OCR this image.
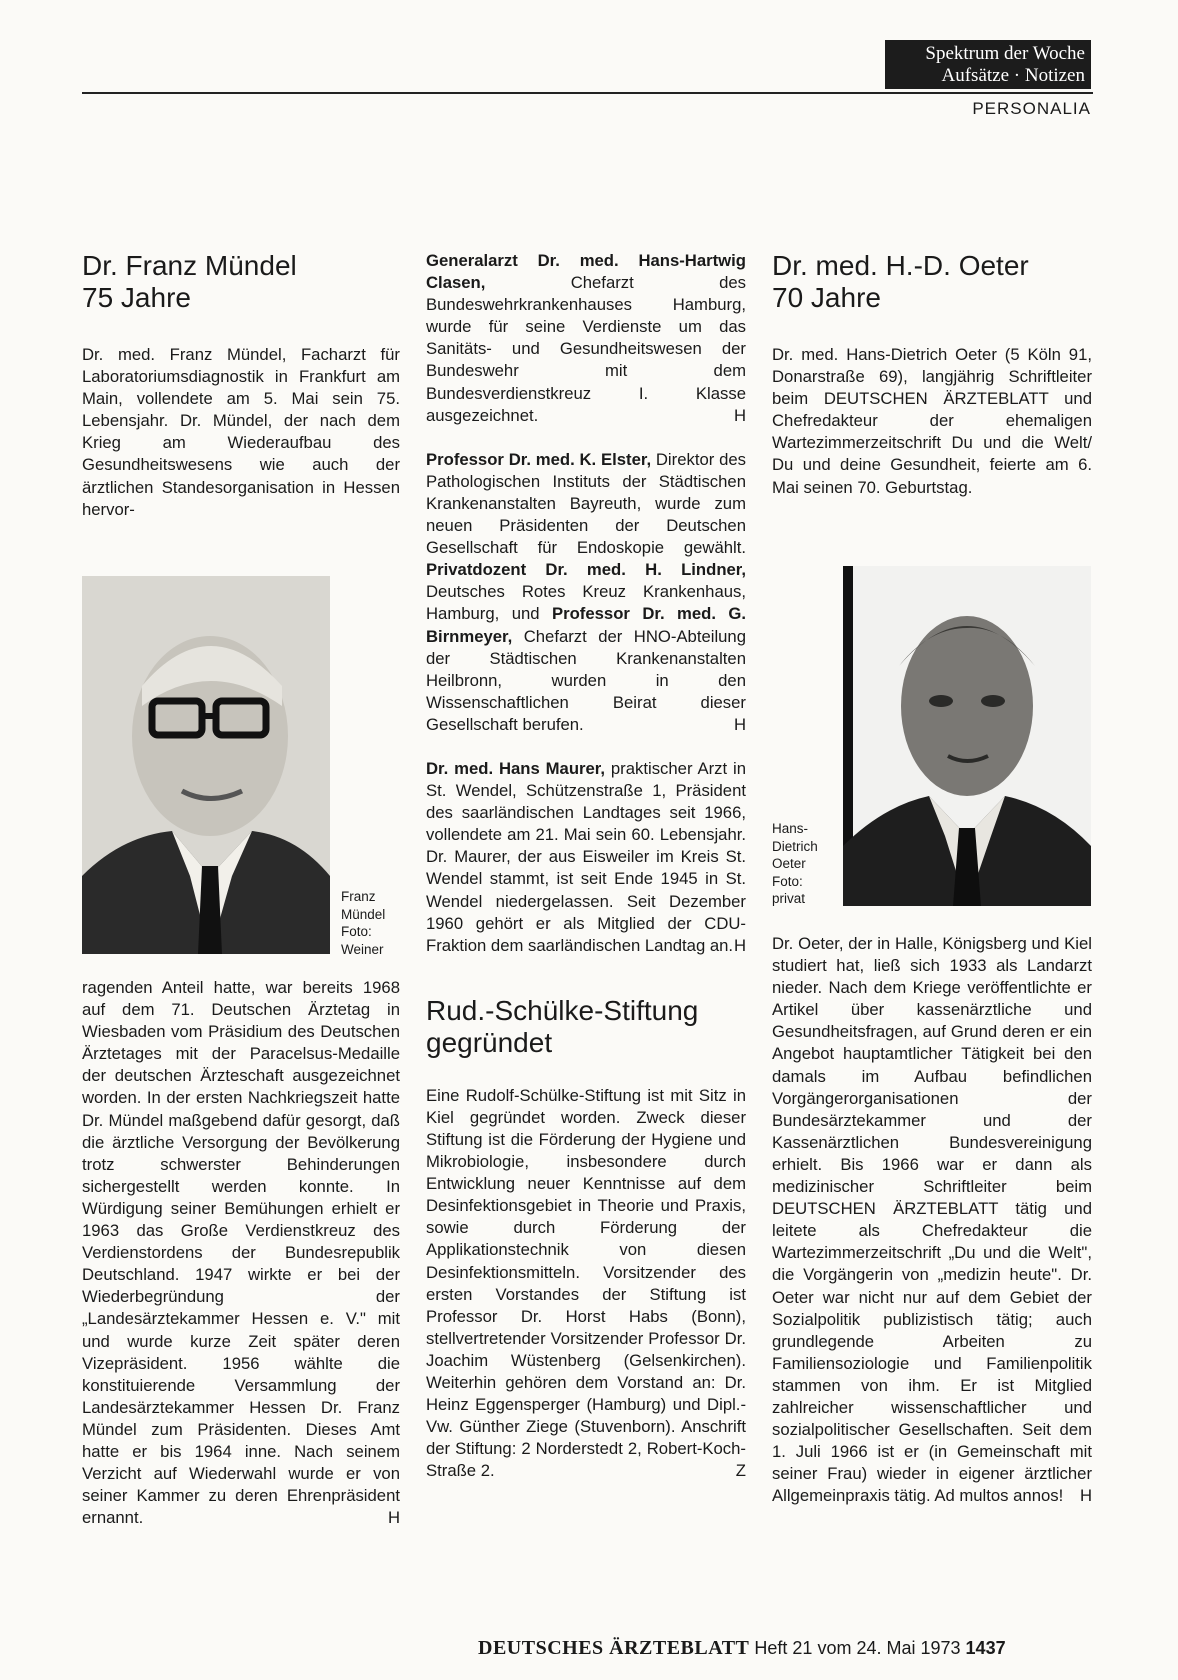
Spektrum der Woche
Aufsätze · Notizen
PERSONALIA
Dr. Franz Mündel
75 Jahre

Dr. med. Franz Mündel, Facharzt für Laboratoriumsdiagnostik in Frankfurt am Main, vollendete am 5. Mai sein 75. Lebensjahr. Dr. Mündel, der nach dem Krieg am Wiederaufbau des Gesundheitswesens wie auch der ärztlichen Standesorganisation in Hessen hervor-

Franz
Mündel
Foto:
Weiner

ragenden Anteil hatte, war bereits 1968 auf dem 71. Deutschen Ärztetag in Wiesbaden vom Präsidium des Deutschen Ärztetages mit der Paracelsus-Medaille der deutschen Ärzteschaft ausgezeichnet worden. In der ersten Nachkriegszeit hatte Dr. Mündel maßgebend dafür gesorgt, daß die ärztliche Versorgung der Bevölkerung trotz schwerster Behinderungen sichergestellt werden konnte. In Würdigung seiner Bemühungen erhielt er 1963 das Große Verdienstkreuz des Verdienstordens der Bundesrepublik Deutschland. 1947 wirkte er bei der Wiederbegründung der „Landesärztekammer Hessen e. V." mit und wurde kurze Zeit später deren Vizepräsident. 1956 wählte die konstituierende Versammlung der Landesärztekammer Hessen Dr. Franz Mündel zum Präsidenten. Dieses Amt hatte er bis 1964 inne. Nach seinem Verzicht auf Wiederwahl wurde er von seiner Kammer zu deren Ehrenpräsident ernannt.	H

Generalarzt Dr. med. Hans-Hartwig Clasen, Chefarzt des Bundeswehrkrankenhauses Hamburg, wurde für seine Verdienste um das Sanitäts- und Gesundheitswesen der Bundeswehr mit dem Bundesverdienstkreuz I. Klasse ausgezeichnet.	H

Professor Dr. med. K. Elster, Direktor des Pathologischen Instituts der Städtischen Krankenanstalten Bayreuth, wurde zum neuen Präsidenten der Deutschen Gesellschaft für Endoskopie gewählt. Privatdozent Dr. med. H. Lindner, Deutsches Rotes Kreuz Krankenhaus, Hamburg, und Professor Dr. med. G. Birnmeyer, Chefarzt der HNO-Abteilung der Städtischen Krankenanstalten Heilbronn, wurden in den Wissenschaftlichen Beirat dieser Gesellschaft berufen.	H

Dr. med. Hans Maurer, praktischer Arzt in St. Wendel, Schützenstraße 1, Präsident des saarländischen Landtages seit 1966, vollendete am 21. Mai sein 60. Lebensjahr. Dr. Maurer, der aus Eisweiler im Kreis St. Wendel stammt, ist seit Ende 1945 in St. Wendel niedergelassen. Seit Dezember 1960 gehört er als Mitglied der CDU-Fraktion dem saarländischen Landtag an. H

Rud.-Schülke-Stiftung
gegründet

Eine Rudolf-Schülke-Stiftung ist mit Sitz in Kiel gegründet worden. Zweck dieser Stiftung ist die Förderung der Hygiene und Mikrobiologie, insbesondere durch Entwicklung neuer Kenntnisse auf dem Desinfektionsgebiet in Theorie und Praxis, sowie durch Förderung der Applikationstechnik von diesen Desinfektionsmitteln. Vorsitzender des ersten Vorstandes der Stiftung ist Professor Dr. Horst Habs (Bonn), stellvertretender Vorsitzender Professor Dr. Joachim Wüstenberg (Gelsenkirchen). Weiterhin gehören dem Vorstand an: Dr. Heinz Eggensperger (Hamburg) und Dipl.-Vw. Günther Ziege (Stuvenborn). Anschrift der Stiftung: 2 Norderstedt 2, Robert-Koch-Straße 2.	Z

Dr. med. H.-D. Oeter
70 Jahre

Dr. med. Hans-Dietrich Oeter (5 Köln 91, Donarstraße 69), langjährig Schriftleiter beim DEUTSCHEN ÄRZTEBLATT und Chefredakteur der ehemaligen Wartezimmerzeitschrift Du und die Welt/ Du und deine Gesundheit, feierte am 6. Mai seinen 70. Geburtstag.

Hans-
Dietrich
Oeter
Foto:
privat

Dr. Oeter, der in Halle, Königsberg und Kiel studiert hat, ließ sich 1933 als Landarzt nieder. Nach dem Kriege veröffentlichte er Artikel über kassenärztliche und Gesundheitsfragen, auf Grund deren er ein Angebot hauptamtlicher Tätigkeit bei den damals im Aufbau befindlichen Vorgängerorganisationen der Bundesärztekammer und der Kassenärztlichen Bundesvereinigung erhielt. Bis 1966 war er dann als medizinischer Schriftleiter beim DEUTSCHEN ÄRZTEBLATT tätig und leitete als Chefredakteur die Wartezimmerzeitschrift „Du und die Welt", die Vorgängerin von „medizin heute". Dr. Oeter war nicht nur auf dem Gebiet der Sozialpolitik publizistisch tätig; auch grundlegende Arbeiten zu Familiensoziologie und Familienpolitik stammen von ihm. Er ist Mitglied zahlreicher wissenschaftlicher und sozialpolitischer Gesellschaften. Seit dem 1. Juli 1966 ist er (in Gemeinschaft mit seiner Frau) wieder in eigener ärztlicher Allgemeinpraxis tätig. Ad multos annos! H

DEUTSCHES ÄRZTEBLATT Heft 21 vom 24. Mai 1973 1437
